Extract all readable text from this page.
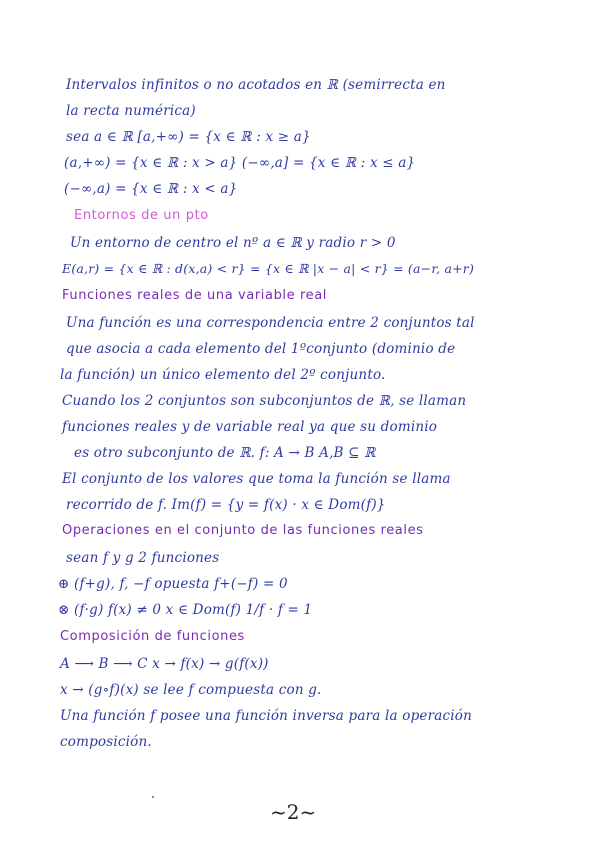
Intervalos infinitos o no acotados en ℝ (semirrecta en
la recta numérica)
sea a ∈ ℝ [a,+∞) = {x ∈ ℝ : x ≥ a}
(a,+∞) = {x ∈ ℝ : x > a} (−∞,a] = {x ∈ ℝ : x ≤ a}
(−∞,a) = {x ∈ ℝ : x < a}
Entornos de un pto
Un entorno de centro el nº a ∈ ℝ y radio r > 0
E(a,r) = {x ∈ ℝ : d(x,a) < r} = {x ∈ ℝ |x − a| < r} = (a−r, a+r)
Funciones reales de una variable real
Una función es una correspondencia entre 2 conjuntos tal
que asocia a cada elemento del 1ºconjunto (dominio de
la función) un único elemento del 2º conjunto.
Cuando los 2 conjuntos son subconjuntos de ℝ, se llaman
funciones reales y de variable real ya que su dominio
es otro subconjunto de ℝ. f: A → B A,B ⊆ ℝ
El conjunto de los valores que toma la función se llama
recorrido de f. Im(f) = {y = f(x) · x ∈ Dom(f)}
Operaciones en el conjunto de las funciones reales
sean f y g 2 funciones
⊕ (f+g), f, −f opuesta f+(−f) = 0
⊗ (f·g) f(x) ≠ 0 x ∈ Dom(f) 1/f · f = 1
Composición de funciones
A ⟶ B ⟶ C x → f(x) → g(f(x))
x → (g∘f)(x) se lee f compuesta con g.
Una función f posee una función inversa para la operación
composición.
~2~
